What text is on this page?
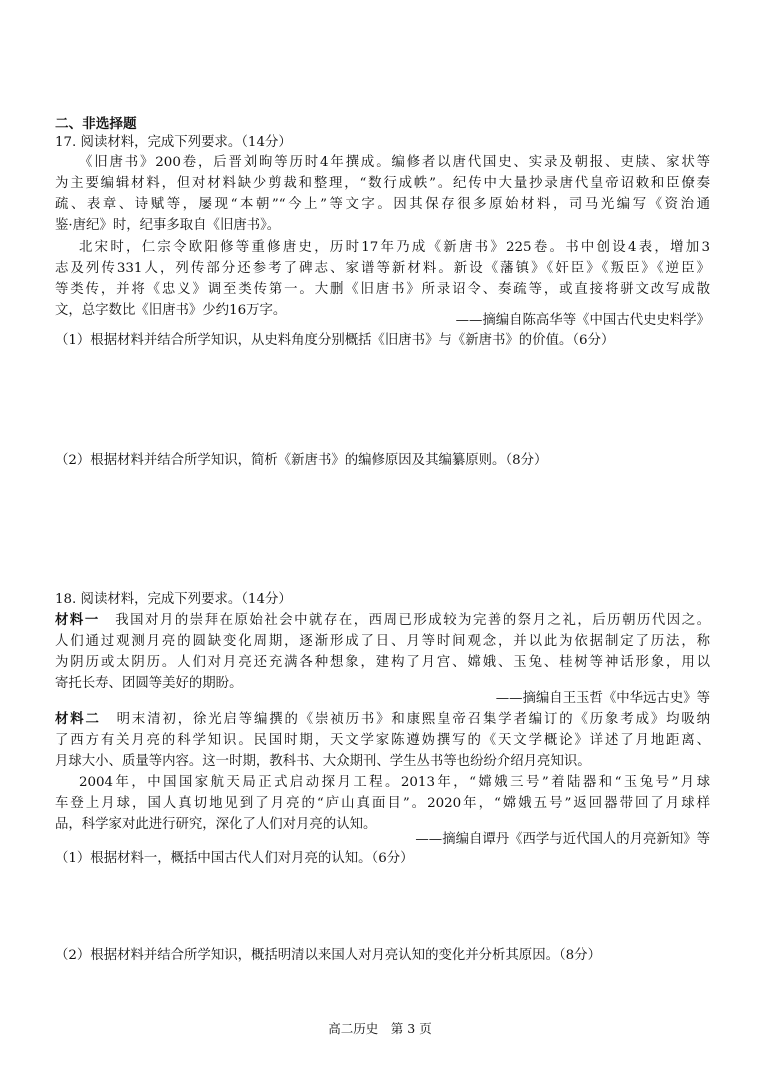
二、非选择题
17. 阅读材料，完成下列要求。（14分）
《旧唐书》200卷，后晋刘昫等历时4年撰成。编修者以唐代国史、实录及朝报、吏牍、家状等
为主要编辑材料，但对材料缺少剪裁和整理，“数行成帙”。纪传中大量抄录唐代皇帝诏敕和臣僚奏
疏、表章、诗赋等，屡现“本朝”“今上”等文字。因其保存很多原始材料，司马光编写《资治通
鉴·唐纪》时，纪事多取自《旧唐书》。
北宋时，仁宗令欧阳修等重修唐史，历时17年乃成《新唐书》225卷。书中创设4表，增加3
志及列传331人，列传部分还参考了碑志、家谱等新材料。新设《藩镇》《奸臣》《叛臣》《逆臣》
等类传，并将《忠义》调至类传第一。大删《旧唐书》所录诏令、奏疏等，或直接将骈文改写成散
文，总字数比《旧唐书》少约16万字。
——摘编自陈高华等《中国古代史史料学》
（1）根据材料并结合所学知识，从史料角度分别概括《旧唐书》与《新唐书》的价值。（6分）
（2）根据材料并结合所学知识，简析《新唐书》的编修原因及其编纂原则。（8分）
18. 阅读材料，完成下列要求。（14分）
材料一 我国对月的崇拜在原始社会中就存在，西周已形成较为完善的祭月之礼，后历朝历代因之。
人们通过观测月亮的圆缺变化周期，逐渐形成了日、月等时间观念，并以此为依据制定了历法，称
为阴历或太阴历。人们对月亮还充满各种想象，建构了月宫、嫦娥、玉兔、桂树等神话形象，用以
寄托长寿、团圆等美好的期盼。
——摘编自王玉哲《中华远古史》等
材料二 明末清初，徐光启等编撰的《崇祯历书》和康熙皇帝召集学者编订的《历象考成》均吸纳
了西方有关月亮的科学知识。民国时期，天文学家陈遵妫撰写的《天文学概论》详述了月地距离、
月球大小、质量等内容。这一时期，教科书、大众期刊、学生丛书等也纷纷介绍月亮知识。
2004年，中国国家航天局正式启动探月工程。2013年，“嫦娥三号”着陆器和“玉兔号”月球
车登上月球，国人真切地见到了月亮的“庐山真面目”。2020年，“嫦娥五号”返回器带回了月球样
品，科学家对此进行研究，深化了人们对月亮的认知。
——摘编自谭丹《西学与近代国人的月亮新知》等
（1）根据材料一，概括中国古代人们对月亮的认知。（6分）
（2）根据材料并结合所学知识，概括明清以来国人对月亮认知的变化并分析其原因。（8分）
高二历史　第 3 页
